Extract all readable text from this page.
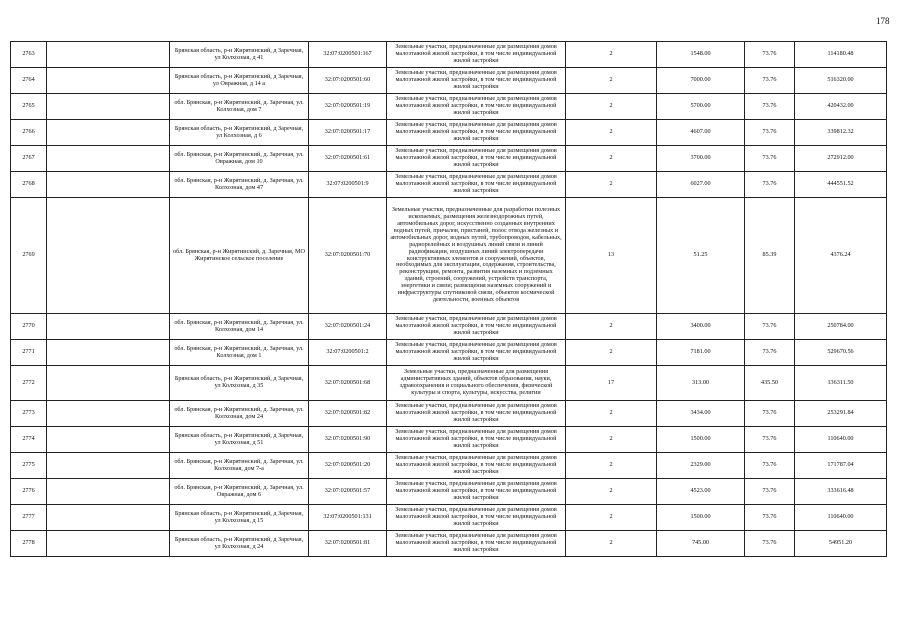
178
2763		Брянская область, р-н Жирятинский, д Заречная, ул Колхозная, д 41	32:07:0200501:167	Земельные участки, предназначенные для размещения домов малоэтажной жилой застройки, в том числе индивидуальной жилой застройки	2	1548.00	73.76	114180.48
2764		Брянская область, р-н Жирятинский, д Заречная, ул Овражная, д 14 а	32:07:0200501:60	Земельные участки, предназначенные для размещения домов малоэтажной жилой застройки, в том числе индивидуальной жилой застройки	2	7000.00	73.76	516320.00
2765		обл. Брянская, р-н Жирятинский, д. Заречная, ул. Колхозная, дом 7	32:07:0200501:19	Земельные участки, предназначенные для размещения домов малоэтажной жилой застройки, в том числе индивидуальной жилой застройки	2	5700.00	73.76	420432.00
2766		Брянская область, р-н Жирятинский, д Заречная, ул Колхозная, д 6	32:07:0200501:17	Земельные участки, предназначенные для размещения домов малоэтажной жилой застройки, в том числе индивидуальной жилой застройки	2	4607.00	73.76	339812.32
2767		обл. Брянская, р-н Жирятинский, д. Заречная, ул. Овражная, дом 10	32:07:0200501:61	Земельные участки, предназначенные для размещения домов малоэтажной жилой застройки, в том числе индивидуальной жилой застройки	2	3700.00	73.76	272912.00
2768		обл. Брянская, р-н Жирятинский, д. Заречная, ул. Колхозная, дом 47	32:07:0200501:9	Земельные участки, предназначенные для размещения домов малоэтажной жилой застройки, в том числе индивидуальной жилой застройки	2	6027.00	73.76	444551.52
2769		обл. Брянская, р-н Жирятинский, д. Заречная, МО Жирятинское сельское поселение	32:07:0200501:70	Земельные участки, предназначенные для разработки полезных ископаемых, размещения железнодорожных путей, автомобильных дорог, искусственно созданных внутренних водных путей, причалов, пристаней, полос отвода железных и автомобильных дорог, водных путей, трубопроводов, кабельных, радиорелейных и воздушных линий связи и линий радиофикации, воздушных линий электропередачи конструктивных элементов и сооружений, объектов, необходимых для эксплуатации, содержания, строительства, реконструкции, ремонта, развития наземных и подземных зданий, строений, сооружений, устройств транспорта, энергетики и связи; размещения наземных сооружений и инфраструктуры спутниковой связи, объектов космической деятельности, военных объектов	13	51.25	85.39	4376.24
2770		обл. Брянская, р-н Жирятинский, д. Заречная, ул. Колхозная, дом 14	32:07:0200501:24	Земельные участки, предназначенные для размещения домов малоэтажной жилой застройки, в том числе индивидуальной жилой застройки	2	3400.00	73.76	250784.00
2771		обл. Брянская, р-н Жирятинский, д. Заречная, ул. Колхозная, дом 1	32:07:0200501:2	Земельные участки, предназначенные для размещения домов малоэтажной жилой застройки, в том числе индивидуальной жилой застройки	2	7181.00	73.76	529670.56
2772		Брянская область, р-н Жирятинский, д Заречная, ул Колхозная, д 35	32:07:0200501:68	Земельные участки, предназначенные для размещения административных зданий, объектов образования, науки, здравоохранения и социального обеспечения, физической культуры и спорта, культуры, искусства, религии	17	313.00	435.50	136311.50
2773		обл. Брянская, р-н Жирятинский, д. Заречная, ул. Колхозная, дом 24	32:07:0200501:82	Земельные участки, предназначенные для размещения домов малоэтажной жилой застройки, в том числе индивидуальной жилой застройки	2	3434.00	73.76	253291.84
2774		Брянская область, р-н Жирятинский, д Заречная, ул Колхозная, д 51	32:07:0200501:90	Земельные участки, предназначенные для размещения домов малоэтажной жилой застройки, в том числе индивидуальной жилой застройки	2	1500.00	73.76	110640.00
2775		обл. Брянская, р-н Жирятинский, д. Заречная, ул. Колхозная, дом 7-а	32:07:0200501:20	Земельные участки, предназначенные для размещения домов малоэтажной жилой застройки, в том числе индивидуальной жилой застройки	2	2329.00	73.76	171787.04
2776		обл. Брянская, р-н Жирятинский, д. Заречная, ул. Овражная, дом 6	32:07:0200501:57	Земельные участки, предназначенные для размещения домов малоэтажной жилой застройки, в том числе индивидуальной жилой застройки	2	4523.00	73.76	333616.48
2777		Брянская область, р-н Жирятинский, д Заречная, ул Колхозная, д 15	32:07:0200501:131	Земельные участки, предназначенные для размещения домов малоэтажной жилой застройки, в том числе индивидуальной жилой застройки	2	1500.00	73.76	110640.00
2778		Брянская область, р-н Жирятинский, д Заречная, ул Колхозная, д 24	32:07:0200501:81	Земельные участки, предназначенные для размещения домов малоэтажной жилой застройки, в том числе индивидуальной жилой застройки	2	745.00	73.76	54951.20
